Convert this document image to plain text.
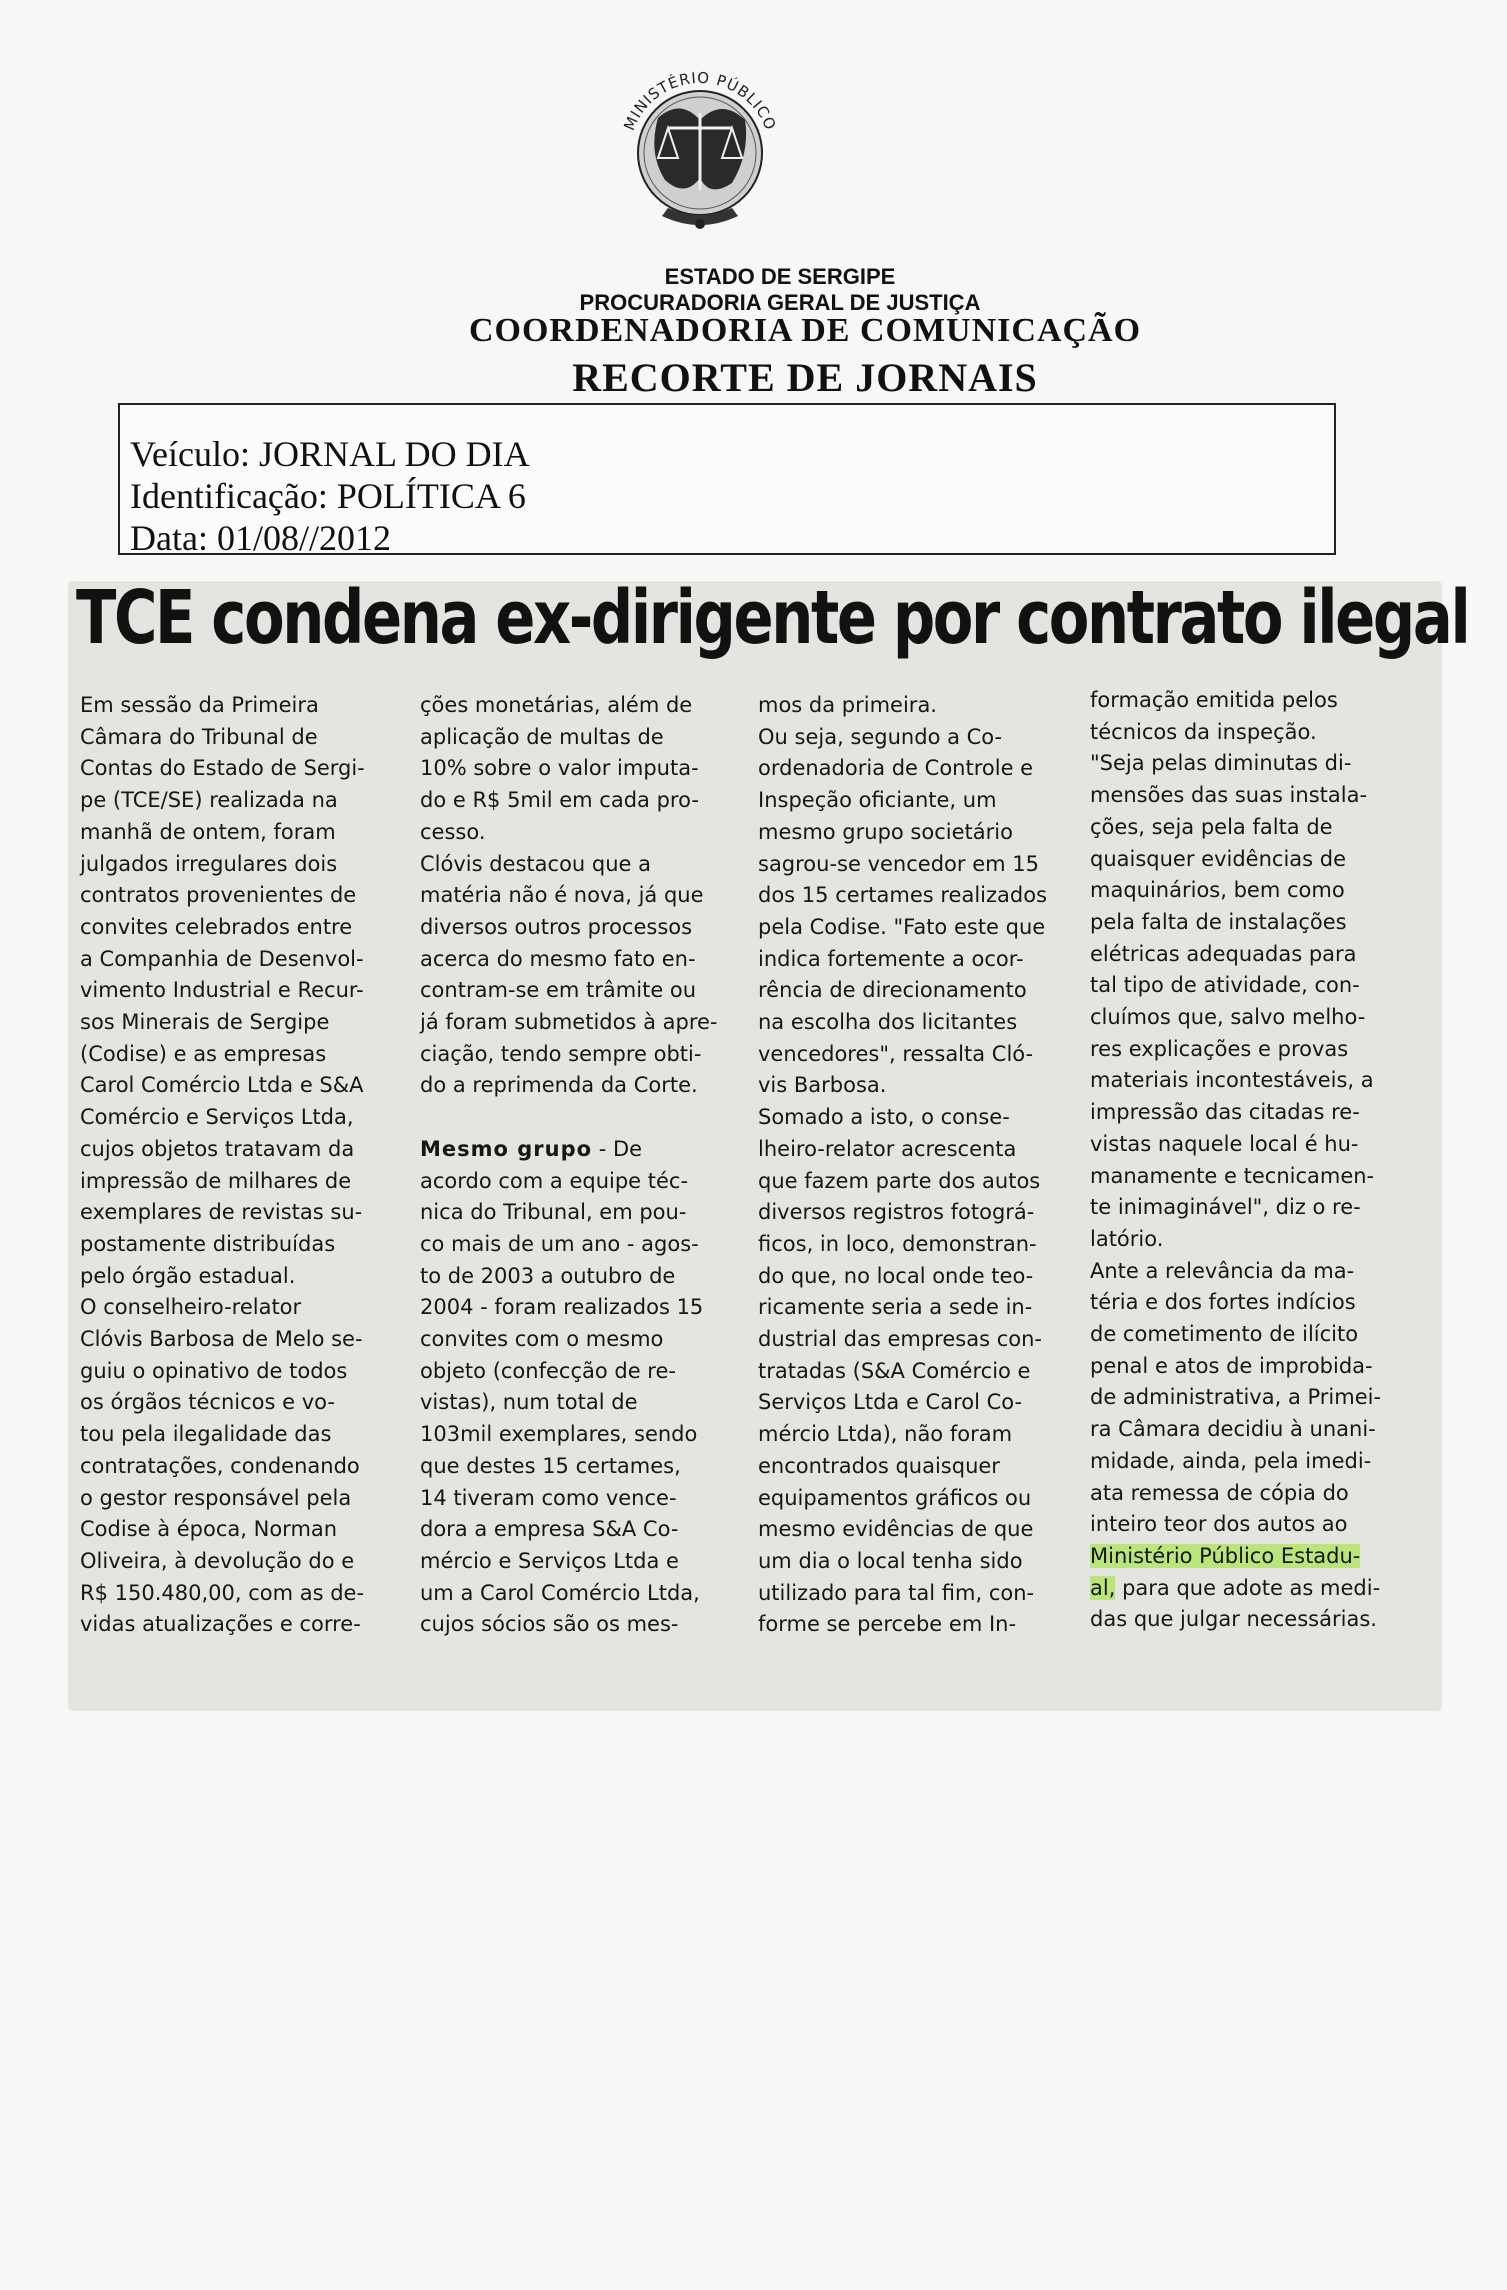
MINISTÉRIO PÚBLICO
ESTADO DE SERGIPE
PROCURADORIA GERAL DE JUSTIÇA
COORDENADORIA DE COMUNICAÇÃO
RECORTE DE JORNAIS
Veículo: JORNAL DO DIA
Identificação: POLÍTICA 6
Data: 01/08//2012
TCE condena ex-dirigente por contrato ilegal
Em sessão da Primeira
Câmara do Tribunal de
Contas do Estado de Sergi-
pe (TCE/SE) realizada na
manhã de ontem, foram
julgados irregulares dois
contratos provenientes de
convites celebrados entre
a Companhia de Desenvol-
vimento Industrial e Recur-
sos Minerais de Sergipe
(Codise) e as empresas
Carol Comércio Ltda e S&A
Comércio e Serviços Ltda,
cujos objetos tratavam da
impressão de milhares de
exemplares de revistas su-
postamente distribuídas
pelo órgão estadual.
O conselheiro-relator
Clóvis Barbosa de Melo se-
guiu o opinativo de todos
os órgãos técnicos e vo-
tou pela ilegalidade das
contratações, condenando
o gestor responsável pela
Codise à época, Norman
Oliveira, à devolução do e
R$ 150.480,00, com as de-
vidas atualizações e corre-
ções monetárias, além de
aplicação de multas de
10% sobre o valor imputa-
do e R$ 5mil em cada pro-
cesso.
Clóvis destacou que a
matéria não é nova, já que
diversos outros processos
acerca do mesmo fato en-
contram-se em trâmite ou
já foram submetidos à apre-
ciação, tendo sempre obti-
do a reprimenda da Corte.

Mesmo grupo - De
acordo com a equipe téc-
nica do Tribunal, em pou-
co mais de um ano - agos-
to de 2003 a outubro de
2004 - foram realizados 15
convites com o mesmo
objeto (confecção de re-
vistas), num total de
103mil exemplares, sendo
que destes 15 certames,
14 tiveram como vence-
dora a empresa S&A Co-
mércio e Serviços Ltda e
um a Carol Comércio Ltda,
cujos sócios são os mes-
mos da primeira.
Ou seja, segundo a Co-
ordenadoria de Controle e
Inspeção oficiante, um
mesmo grupo societário
sagrou-se vencedor em 15
dos 15 certames realizados
pela Codise. "Fato este que
indica fortemente a ocor-
rência de direcionamento
na escolha dos licitantes
vencedores", ressalta Cló-
vis Barbosa.
Somado a isto, o conse-
lheiro-relator acrescenta
que fazem parte dos autos
diversos registros fotográ-
ficos, in loco, demonstran-
do que, no local onde teo-
ricamente seria a sede in-
dustrial das empresas con-
tratadas (S&A Comércio e
Serviços Ltda e Carol Co-
mércio Ltda), não foram
encontrados quaisquer
equipamentos gráficos ou
mesmo evidências de que
um dia o local tenha sido
utilizado para tal fim, con-
forme se percebe em In-
formação emitida pelos
técnicos da inspeção.
"Seja pelas diminutas di-
mensões das suas instala-
ções, seja pela falta de
quaisquer evidências de
maquinários, bem como
pela falta de instalações
elétricas adequadas para
tal tipo de atividade, con-
cluímos que, salvo melho-
res explicações e provas
materiais incontestáveis, a
impressão das citadas re-
vistas naquele local é hu-
manamente e tecnicamen-
te inimaginável", diz o re-
latório.
Ante a relevância da ma-
téria e dos fortes indícios
de cometimento de ilícito
penal e atos de improbida-
de administrativa, a Primei-
ra Câmara decidiu à unani-
midade, ainda, pela imedi-
ata remessa de cópia do
inteiro teor dos autos ao
Ministério Público Estadu-
al, para que adote as medi-
das que julgar necessárias.
